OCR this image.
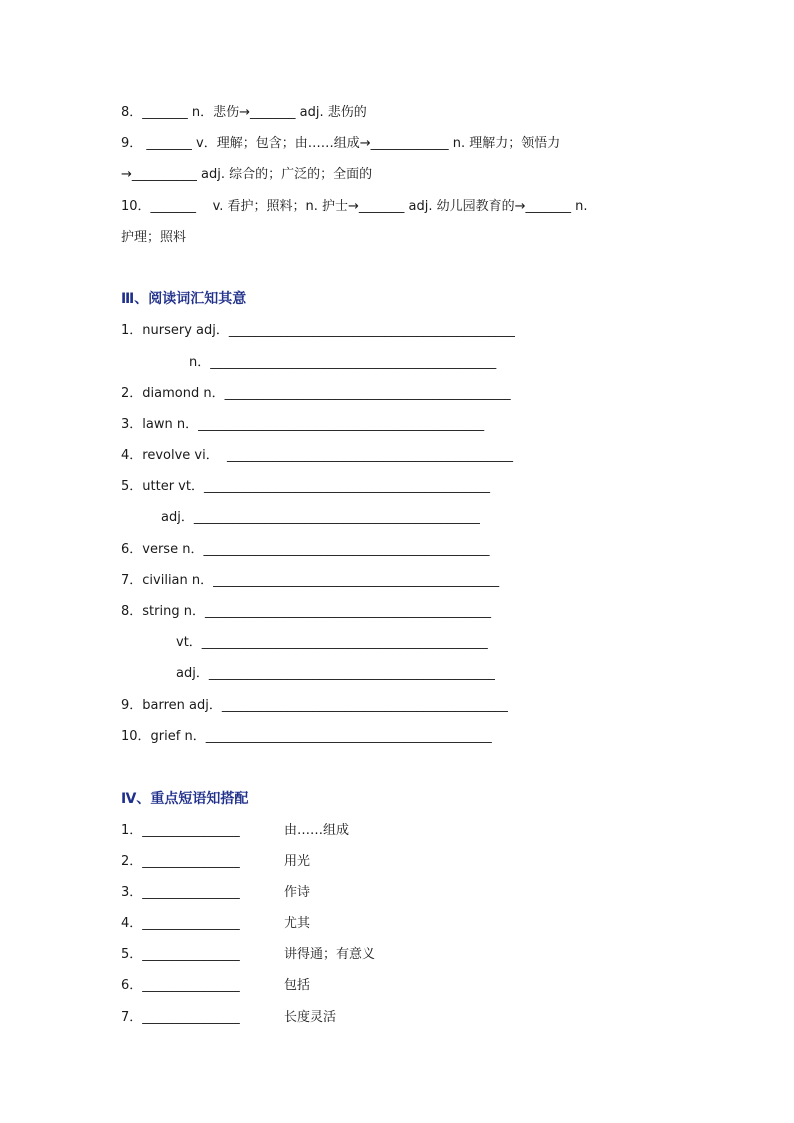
8．_______ n．悲伤→_______ adj. 悲伤的
9． _______ v．理解；包含；由……组成→____________ n. 理解力；领悟力
→__________ adj. 综合的；广泛的；全面的
10．_______    v. 看护；照料；n. 护士→_______ adj. 幼儿园教育的→_______ n.
护理；照料
Ⅲ、阅读词汇知其意
1．nursery adj．____________________________________________
n．____________________________________________
2．diamond n．____________________________________________
3．lawn n．____________________________________________
4．revolve vi．  ____________________________________________
5．utter vt．____________________________________________
adj．____________________________________________
6．verse n．____________________________________________
7．civilian n．____________________________________________
8．string n．____________________________________________
vt．____________________________________________
adj．____________________________________________
9．barren adj．____________________________________________
10．grief n．____________________________________________
Ⅳ、重点短语知搭配
1．_______________	由……组成
2．_______________	用光
3．_______________	作诗
4．_______________	尤其
5．_______________	讲得通；有意义
6．_______________	包括
7．_______________	长度灵活
